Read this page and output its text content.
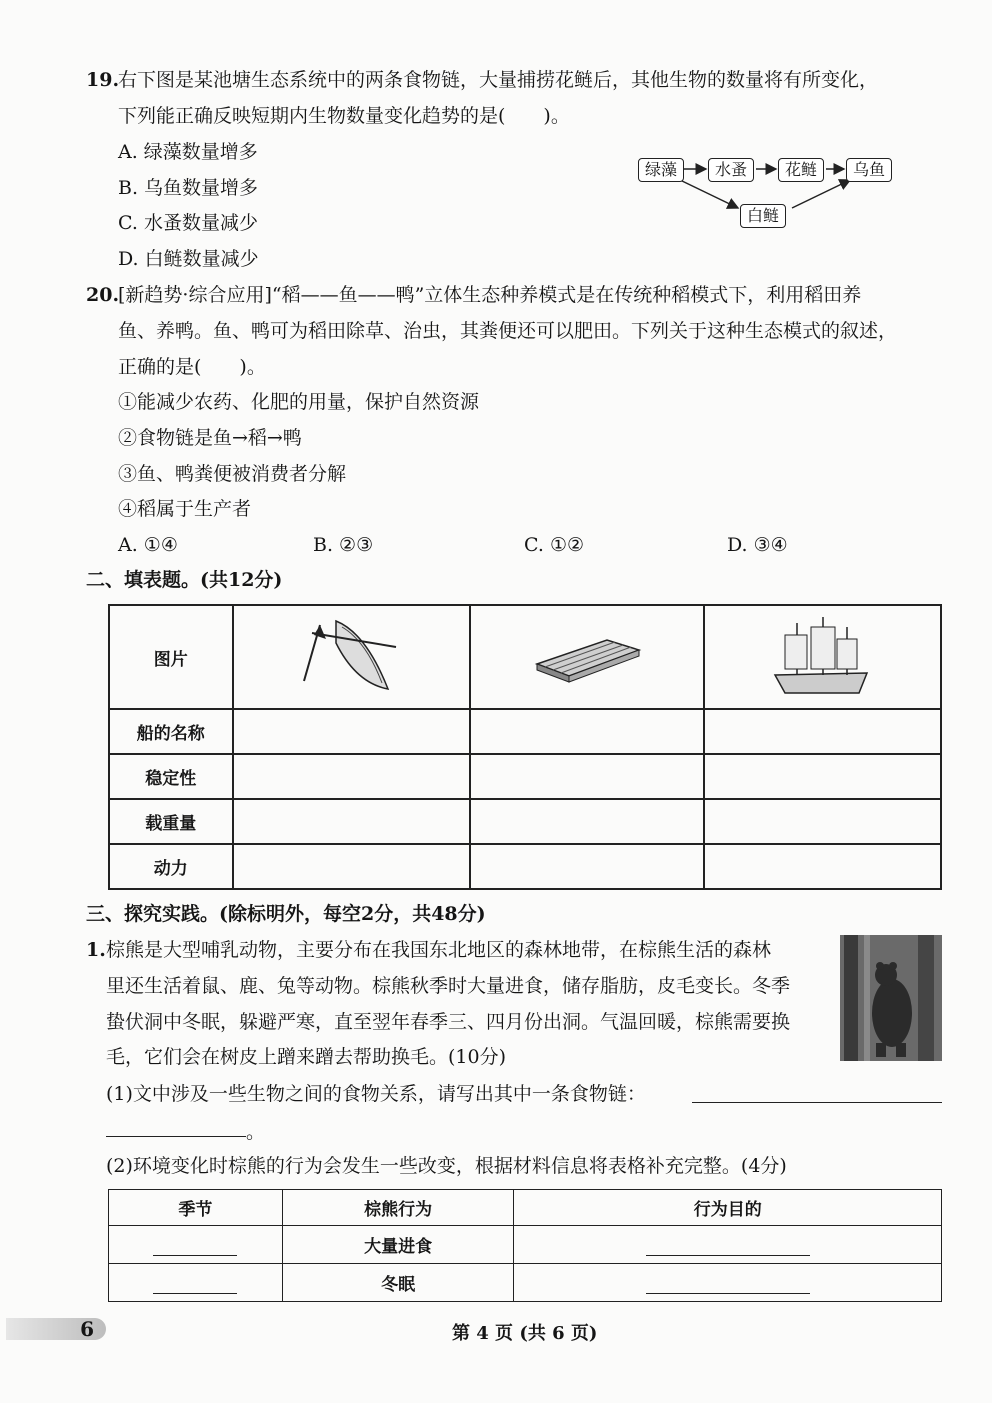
19.
右下图是某池塘生态系统中的两条食物链，大量捕捞花鲢后，其他生物的数量将有所变化，
下列能正确反映短期内生物数量变化趋势的是(　　)。
A. 绿藻数量增多
B. 乌鱼数量增多
C. 水蚤数量减少
D. 白鲢数量减少
绿藻	水蚤	花鲢	乌鱼
白鲢
20.
[新趋势·综合应用]“稻——鱼——鸭”立体生态种养模式是在传统种稻模式下，利用稻田养
鱼、养鸭。鱼、鸭可为稻田除草、治虫，其粪便还可以肥田。下列关于这种生态模式的叙述，
正确的是(　　)。
①能减少农药、化肥的用量，保护自然资源
②食物链是鱼→稻→鸭
③鱼、鸭粪便被消费者分解
④稻属于生产者
A. ①④	B. ②③	C. ①②	D. ③④
二、填表题。(共12分)
图片			
船的名称			
稳定性			
载重量			
动力			
三、探究实践。(除标明外，每空2分，共48分)
1. 棕熊是大型哺乳动物，主要分布在我国东北地区的森林地带，在棕熊生活的森林
里还生活着鼠、鹿、兔等动物。棕熊秋季时大量进食，储存脂肪，皮毛变长。冬季
蛰伏洞中冬眠，躲避严寒，直至翌年春季三、四月份出洞。气温回暖，棕熊需要换
毛，它们会在树皮上蹭来蹭去帮助换毛。(10分)
(1)文中涉及一些生物之间的食物关系，请写出其中一条食物链：
。
(2)环境变化时棕熊的行为会发生一些改变，根据材料信息将表格补充完整。(4分)
季节	棕熊行为	行为目的
	大量进食	
	冬眠	
6	第 4 页 (共 6 页)
